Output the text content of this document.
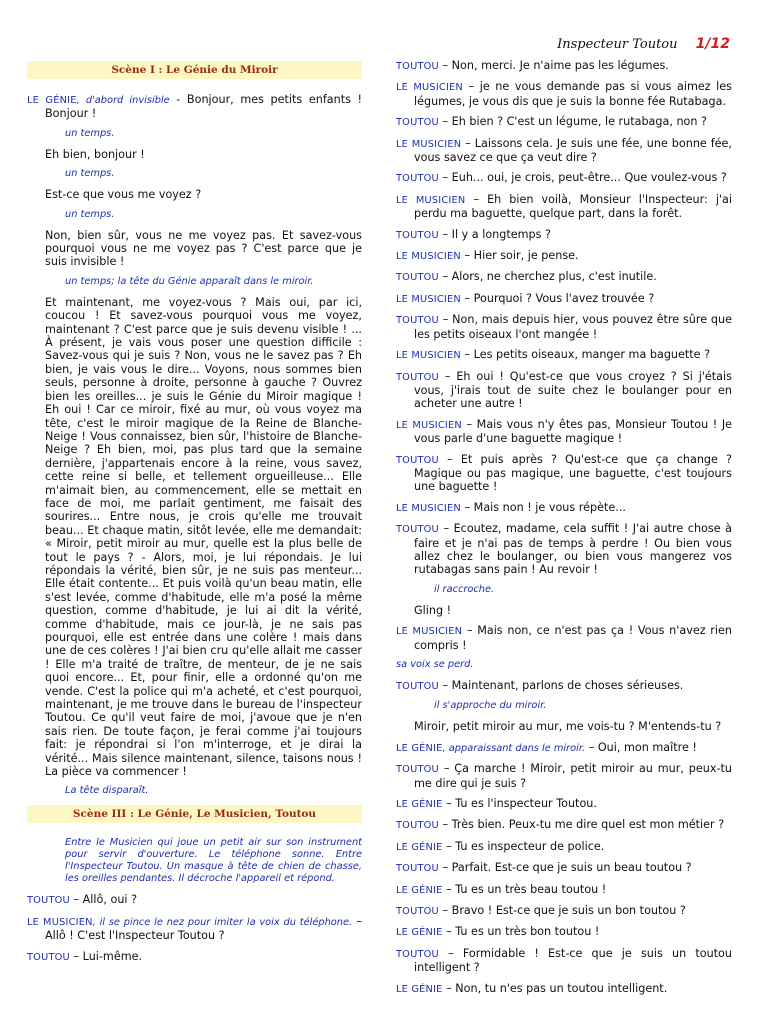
Inspecteur Toutou 1/12
Scène I : Le Génie du Miroir
LE GÉNIE, d'abord invisible - Bonjour, mes petits enfants ! Bonjour !
un temps.
Eh bien, bonjour !
un temps.
Est-ce que vous me voyez ?
un temps.
Non, bien sûr, vous ne me voyez pas. Et savez-vous pourquoi vous ne me voyez pas ? C'est parce que je suis invisible !
un temps; la tête du Génie apparaît dans le miroir.
Et maintenant, me voyez-vous ? Mais oui, par ici, coucou ! Et savez-vous pourquoi vous me voyez, maintenant ? C'est parce que je suis devenu visible ! ... À présent, je vais vous poser une question difficile : Savez-vous qui je suis ? Non, vous ne le savez pas ? Eh bien, je vais vous le dire... Voyons, nous sommes bien seuls, personne à droite, personne à gauche ? Ouvrez bien les oreilles... je suis le Génie du Miroir magique ! Eh oui ! Car ce miroir, fixé au mur, où vous voyez ma tête, c'est le miroir magique de la Reine de Blanche-Neige ! Vous connaissez, bien sûr, l'histoire de Blanche-Neige ? Eh bien, moi, pas plus tard que la semaine dernière, j'appartenais encore à la reine, vous savez, cette reine si belle, et tellement orgueilleuse... Elle m'aimait bien, au commencement, elle se mettait en face de moi, me parlait gentiment, me faisait des sourires... Entre nous, je crois qu'elle me trouvait beau... Et chaque matin, sitôt levée, elle me demandait: « Miroir, petit miroir au mur, quelle est la plus belle de tout le pays ? - Alors, moi, je lui répondais. Je lui répondais la vérité, bien sûr, je ne suis pas menteur... Elle était contente... Et puis voilà qu'un beau matin, elle s'est levée, comme d'habitude, elle m'a posé la même question, comme d'habitude, je lui ai dit la vérité, comme d'habitude, mais ce jour-là, je ne sais pas pourquoi, elle est entrée dans une colère ! mais dans une de ces colères ! J'ai bien cru qu'elle allait me casser ! Elle m'a traité de traître, de menteur, de je ne sais quoi encore... Et, pour finir, elle a ordonné qu'on me vende. C'est la police qui m'a acheté, et c'est pourquoi, maintenant, je me trouve dans le bureau de l'inspecteur Toutou. Ce qu'il veut faire de moi, j'avoue que je n'en sais rien. De toute façon, je ferai comme j'ai toujours fait: je répondrai si l'on m'interroge, et je dirai la vérité... Mais silence maintenant, silence, taisons nous ! La pièce va commencer !
La tête disparaît.
Scène III : Le Génie, Le Musicien, Toutou
Entre le Musicien qui joue un petit air sur son instrument pour servir d'ouverture. Le téléphone sonne. Entre l'Inspecteur Toutou. Un masque à tête de chien de chasse, les oreilles pendantes. Il décroche l'appareil et répond.
TOUTOU – Allô, oui ?
LE MUSICIEN, il se pince le nez pour imiter la voix du téléphone. – Allô ! C'est l'Inspecteur Toutou ?
TOUTOU – Lui-même.
TOUTOU – Non, merci. Je n'aime pas les légumes.
LE MUSICIEN – je ne vous demande pas si vous aimez les légumes, je vous dis que je suis la bonne fée Rutabaga.
TOUTOU – Eh bien ? C'est un légume, le rutabaga, non ?
LE MUSICIEN – Laissons cela. Je suis une fée, une bonne fée, vous savez ce que ça veut dire ?
TOUTOU – Euh... oui, je crois, peut-être... Que voulez-vous ?
LE MUSICIEN – Eh bien voilà, Monsieur l'Inspecteur: j'ai perdu ma baguette, quelque part, dans la forêt.
TOUTOU – Il y a longtemps ?
LE MUSICIEN – Hier soir, je pense.
TOUTOU – Alors, ne cherchez plus, c'est inutile.
LE MUSICIEN – Pourquoi ? Vous l'avez trouvée ?
TOUTOU – Non, mais depuis hier, vous pouvez être sûre que les petits oiseaux l'ont mangée !
LE MUSICIEN – Les petits oiseaux, manger ma baguette ?
TOUTOU – Eh oui ! Qu'est-ce que vous croyez ? Si j'étais vous, j'irais tout de suite chez le boulanger pour en acheter une autre !
LE MUSICIEN – Mais vous n'y êtes pas, Monsieur Toutou ! Je vous parle d'une baguette magique !
TOUTOU – Et puis après ? Qu'est-ce que ça change ? Magique ou pas magique, une baguette, c'est toujours une baguette !
LE MUSICIEN – Mais non ! je vous répète...
TOUTOU – Ecoutez, madame, cela suffit ! J'ai autre chose à faire et je n'ai pas de temps à perdre ! Ou bien vous allez chez le boulanger, ou bien vous mangerez vos rutabagas sans pain ! Au revoir !
il raccroche.
Gling !
LE MUSICIEN – Mais non, ce n'est pas ça ! Vous n'avez rien compris !
sa voix se perd.
TOUTOU – Maintenant, parlons de choses sérieuses.
il s'approche du miroir.
Miroir, petit miroir au mur, me vois-tu ? M'entends-tu ?
LE GÉNIE, apparaissant dans le miroir. – Oui, mon maître !
TOUTOU – Ça marche ! Miroir, petit miroir au mur, peux-tu me dire qui je suis ?
LE GÉNIE – Tu es l'inspecteur Toutou.
TOUTOU – Très bien. Peux-tu me dire quel est mon métier ?
LE GÉNIE – Tu es inspecteur de police.
TOUTOU – Parfait. Est-ce que je suis un beau toutou ?
LE GÉNIE – Tu es un très beau toutou !
TOUTOU – Bravo ! Est-ce que je suis un bon toutou ?
LE GÉNIE – Tu es un très bon toutou !
TOUTOU – Formidable ! Est-ce que je suis un toutou intelligent ?
LE GÉNIE – Non, tu n'es pas un toutou intelligent.
